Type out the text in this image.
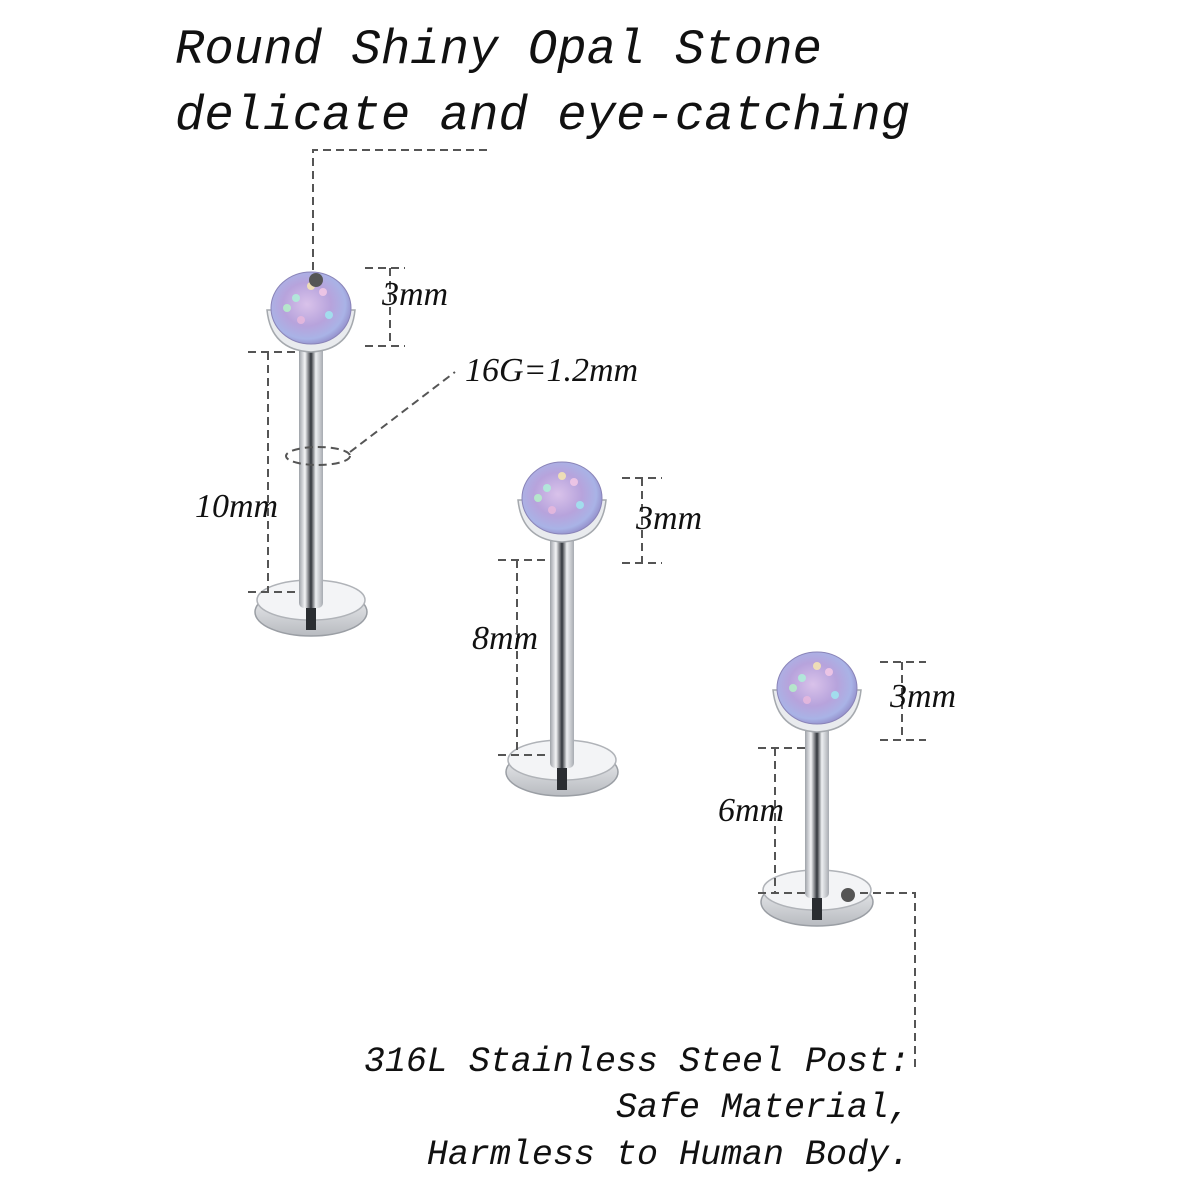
Round Shiny Opal Stone
delicate and eye-catching
3mm
16G=1.2mm
10mm	3mm
8mm
3mm
6mm
316L Stainless Steel Post:
Safe Material,
Harmless to Human Body.
